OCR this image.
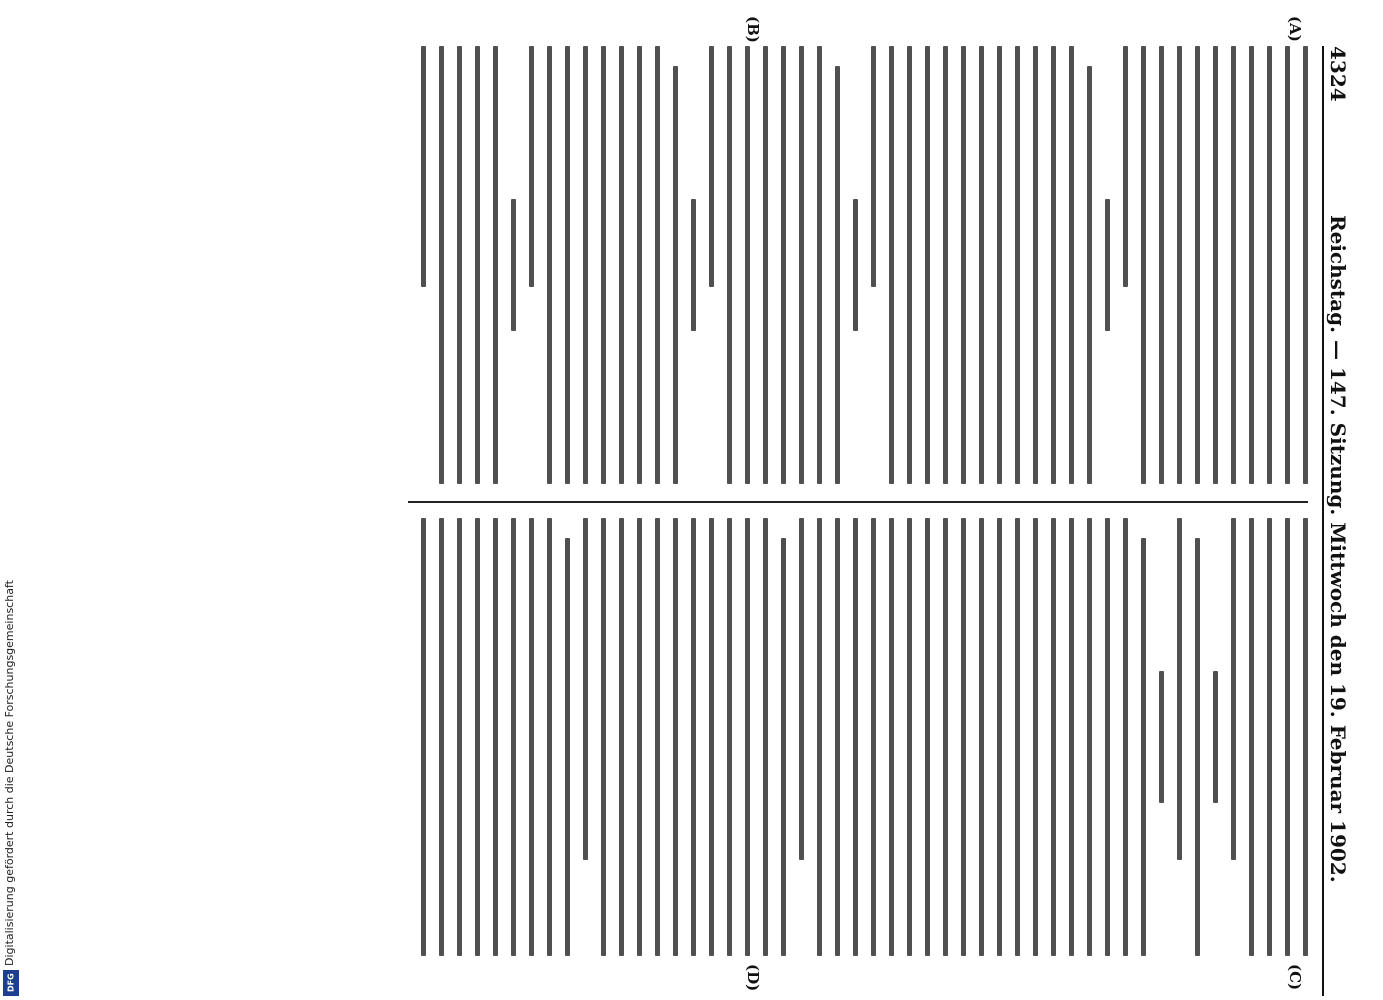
Digitalisierung gefördert durch die Deutsche Forschungsgemeinschaft
DFG
4324
Reichstag. — 147. Sitzung. Mittwoch den 19. Februar 1902.
(A)
(B)
(C)
(D)
